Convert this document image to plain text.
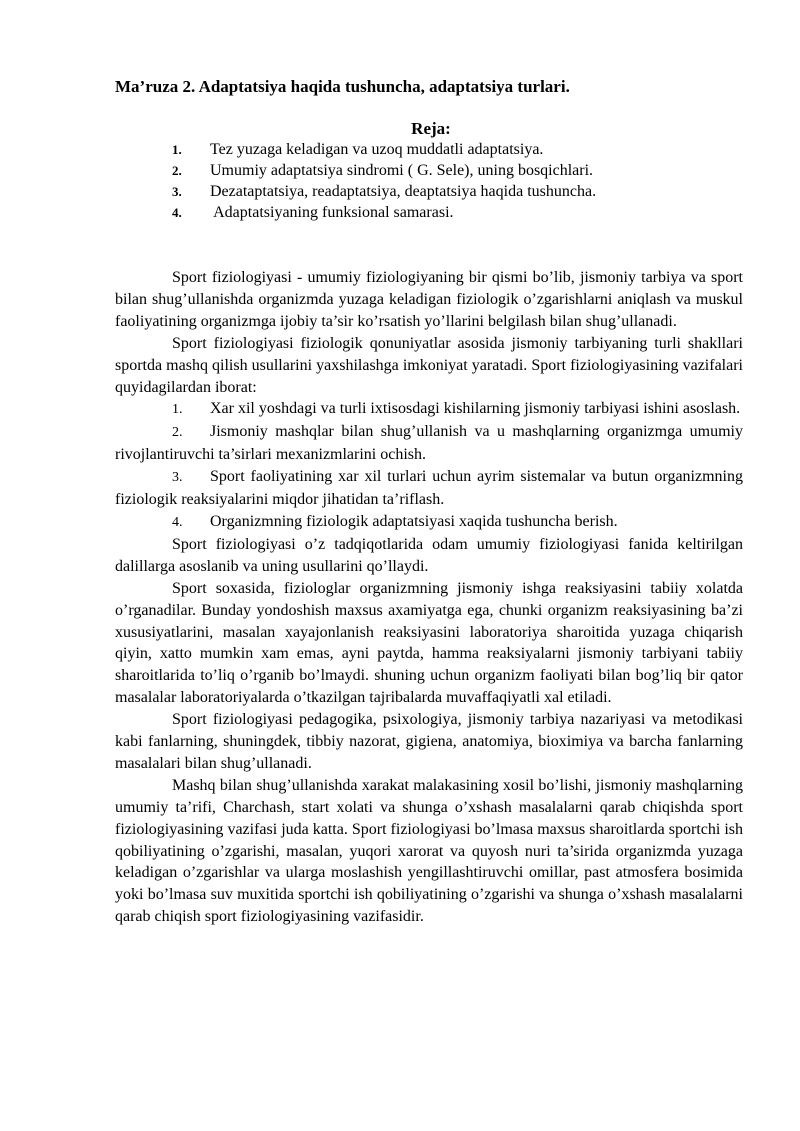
Ma’ruza 2. Adaptatsiya haqida tushuncha, adaptatsiya turlari.
Reja:
1.	Tez yuzaga keladigan va uzoq muddatli adaptatsiya.
2.	Umumiy adaptatsiya sindromi ( G. Sele), uning bosqichlari.
3.	Dezataptatsiya, readaptatsiya, deaptatsiya haqida tushuncha.
4.	Adaptatsiyaning funksional samarasi.

Sport fiziologiyasi - umumiy fiziologiyaning bir qismi bo’lib, jismoniy tarbiya va sport bilan shug’ullanishda organizmda yuzaga keladigan fiziologik o’zgarishlarni aniqlash va muskul faoliyatining organizmga ijobiy ta’sir ko’rsatish yo’llarini belgilash bilan shug’ullanadi.

Sport fiziologiyasi fiziologik qonuniyatlar asosida jismoniy tarbiyaning turli shakllari sportda mashq qilish usullarini yaxshilashga imkoniyat yaratadi. Sport fiziologiyasining vazifalari quyidagilardan iborat:

1. Xar xil yoshdagi va turli ixtisosdagi kishilarning jismoniy tarbiyasi ishini asoslash.

2. Jismoniy mashqlar bilan shug’ullanish va u mashqlarning organizmga umumiy rivojlantiruvchi ta’sirlari mexanizmlarini ochish.

3. Sport faoliyatining xar xil turlari uchun ayrim sistemalar va butun organizmning fiziologik reaksiyalarini miqdor jihatidan ta’riflash.

4. Organizmning fiziologik adaptatsiyasi xaqida tushuncha berish.

Sport fiziologiyasi o’z tadqiqotlarida odam umumiy fiziologiyasi fanida keltirilgan dalillarga asoslanib va uning usullarini qo’llaydi.

Sport soxasida, fiziologlar organizmning jismoniy ishga reaksiyasini tabiiy xolatda o’rganadilar. Bunday yondoshish maxsus axamiyatga ega, chunki organizm reaksiyasining ba’zi xususiyatlarini, masalan xayajonlanish reaksiyasini laboratoriya sharoitida yuzaga chiqarish qiyin, xatto mumkin xam emas, ayni paytda, hamma reaksiyalarni jismoniy tarbiyani tabiiy sharoitlarida to’liq o’rganib bo’lmaydi. shuning uchun organizm faoliyati bilan bog’liq bir qator masalalar laboratoriyalarda o’tkazilgan tajribalarda muvaffaqiyatli xal etiladi.

Sport fiziologiyasi pedagogika, psixologiya, jismoniy tarbiya nazariyasi va metodikasi kabi fanlarning, shuningdek, tibbiy nazorat, gigiena, anatomiya, bioximiya va barcha fanlarning masalalari bilan shug’ullanadi.

Mashq bilan shug’ullanishda xarakat malakasining xosil bo’lishi, jismoniy mashqlarning umumiy ta’rifi, Charchash, start xolati va shunga o’xshash masalalarni qarab chiqishda sport fiziologiyasining vazifasi juda katta. Sport fiziologiyasi bo’lmasa maxsus sharoitlarda sportchi ish qobiliyatining o’zgarishi, masalan, yuqori xarorat va quyosh nuri ta’sirida organizmda yuzaga keladigan o’zgarishlar va ularga moslashish yengillashtiruvchi omillar, past atmosfera bosimida yoki bo’lmasa suv muxitida sportchi ish qobiliyatining o’zgarishi va shunga o’xshash masalalarni qarab chiqish sport fiziologiyasining vazifasidir.
